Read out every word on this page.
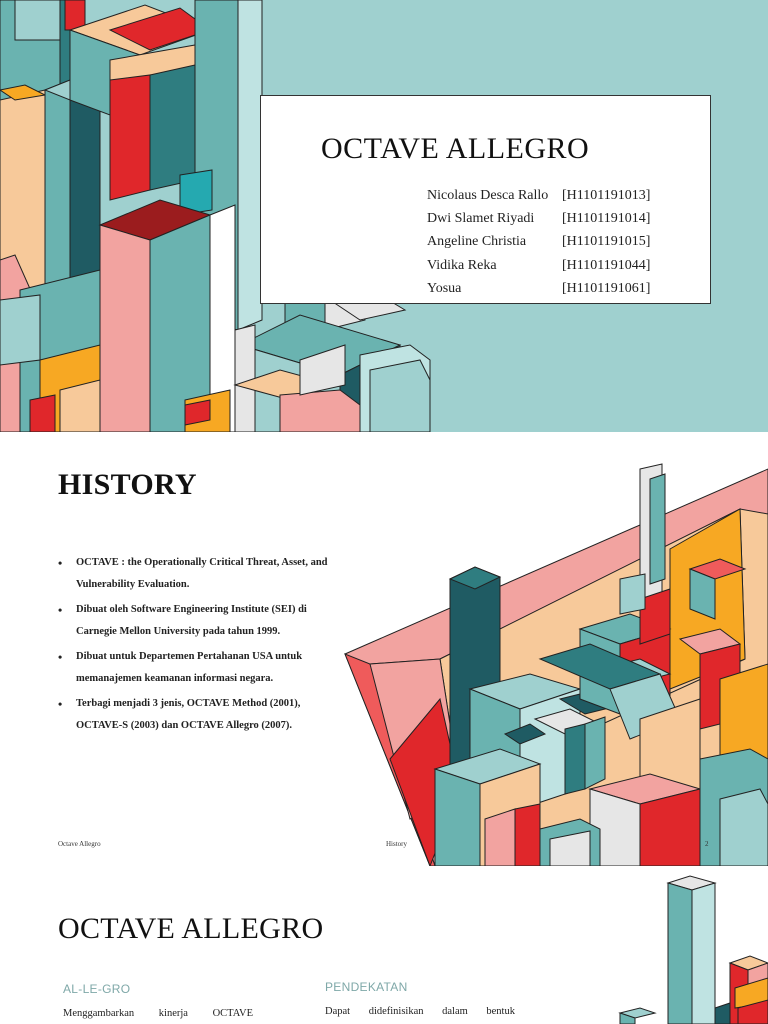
OCTAVE ALLEGRO
Nicolaus Desca Rallo [H1101191013]
Dwi Slamet Riyadi [H1101191014]
Angeline Christia	[H1101191015]
Vidika Reka	[H1101191044]
Yosua	[H1101191061]
HISTORY
• OCTAVE : the Operationally Critical Threat, Asset, and Vulnerability Evaluation.
• Dibuat oleh Software Engineering Institute (SEI) di Carnegie Mellon University pada tahun 1999.
• Dibuat untuk Departemen Pertahanan USA untuk memanajemen keamanan informasi negara.
• Terbagi menjadi 3 jenis, OCTAVE Method (2001), OCTAVE-S (2003) dan OCTAVE Allegro (2007).
Octave Allegro	History	2
OCTAVE ALLEGRO
AL-LE-GRO
Menggambarkan kinerja OCTAVE
PENDEKATAN
Dapat didefinisikan dalam bentuk
